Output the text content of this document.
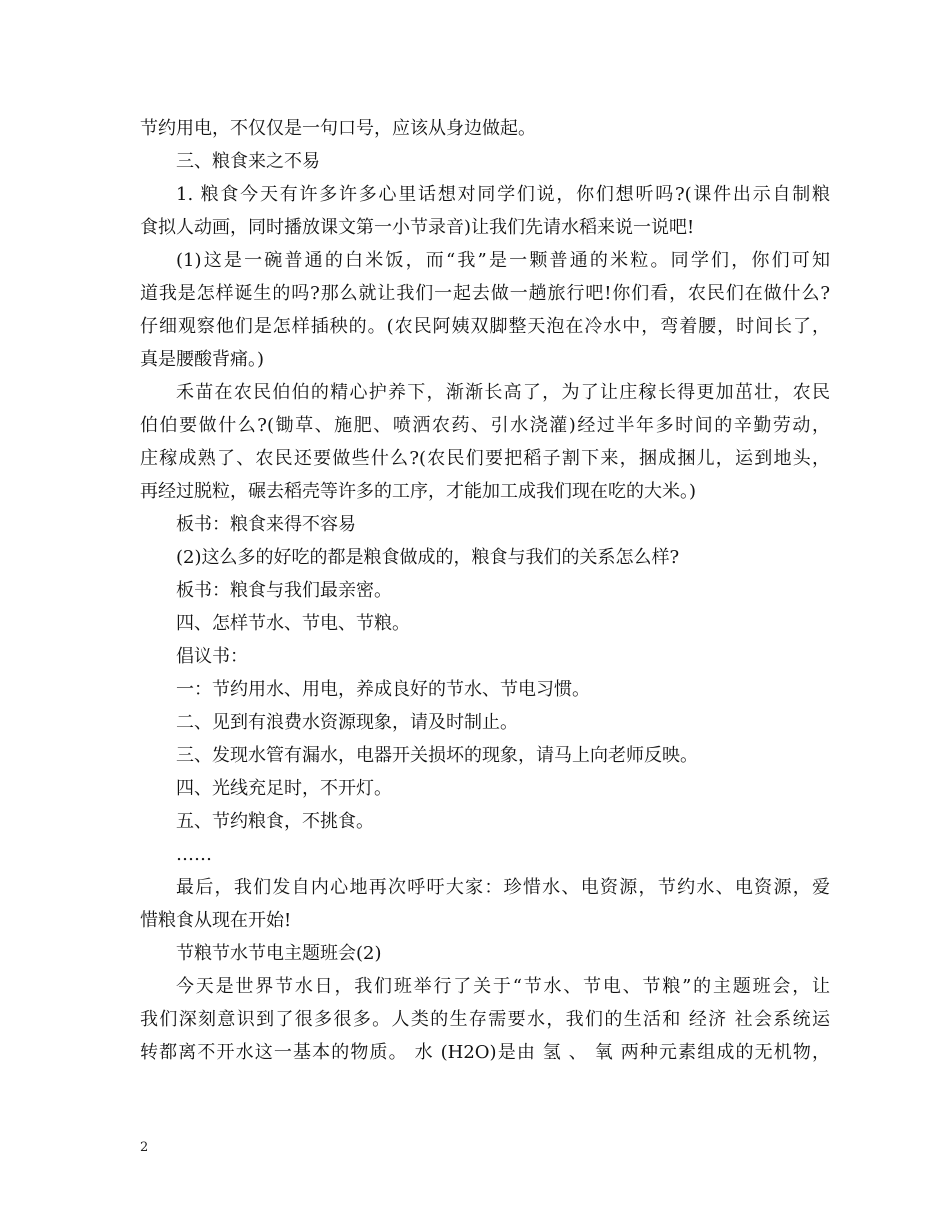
节约用电，不仅仅是一句口号，应该从身边做起。
三、粮食来之不易
1. 粮食今天有许多许多心里话想对同学们说，你们想听吗?(课件出示自制粮
食拟人动画，同时播放课文第一小节录音)让我们先请水稻来说一说吧!
(1)这是一碗普通的白米饭，而“我”是一颗普通的米粒。同学们，你们可知
道我是怎样诞生的吗?那么就让我们一起去做一趟旅行吧!你们看，农民们在做什么?
仔细观察他们是怎样插秧的。(农民阿姨双脚整天泡在冷水中，弯着腰，时间长了，
真是腰酸背痛。)
禾苗在农民伯伯的精心护养下，渐渐长高了，为了让庄稼长得更加茁壮，农民
伯伯要做什么?(锄草、施肥、喷洒农药、引水浇灌)经过半年多时间的辛勤劳动，
庄稼成熟了、农民还要做些什么?(农民们要把稻子割下来，捆成捆儿，运到地头，
再经过脱粒，碾去稻壳等许多的工序，才能加工成我们现在吃的大米。)
板书：粮食来得不容易
(2)这么多的好吃的都是粮食做成的，粮食与我们的关系怎么样?
板书：粮食与我们最亲密。
四、怎样节水、节电、节粮。
倡议书：
一：节约用水、用电，养成良好的节水、节电习惯。
二、见到有浪费水资源现象，请及时制止。
三、发现水管有漏水，电器开关损坏的现象，请马上向老师反映。
四、光线充足时，不开灯。
五、节约粮食，不挑食。
……
最后，我们发自内心地再次呼吁大家：珍惜水、电资源，节约水、电资源，爱
惜粮食从现在开始!
节粮节水节电主题班会(2)
今天是世界节水日，我们班举行了关于“节水、节电、节粮”的主题班会，让
我们深刻意识到了很多很多。人类的生存需要水，我们的生活和 经济 社会系统运
转都离不开水这一基本的物质。 水 (H2O)是由 氢 、 氧 两种元素组成的无机物，
2
